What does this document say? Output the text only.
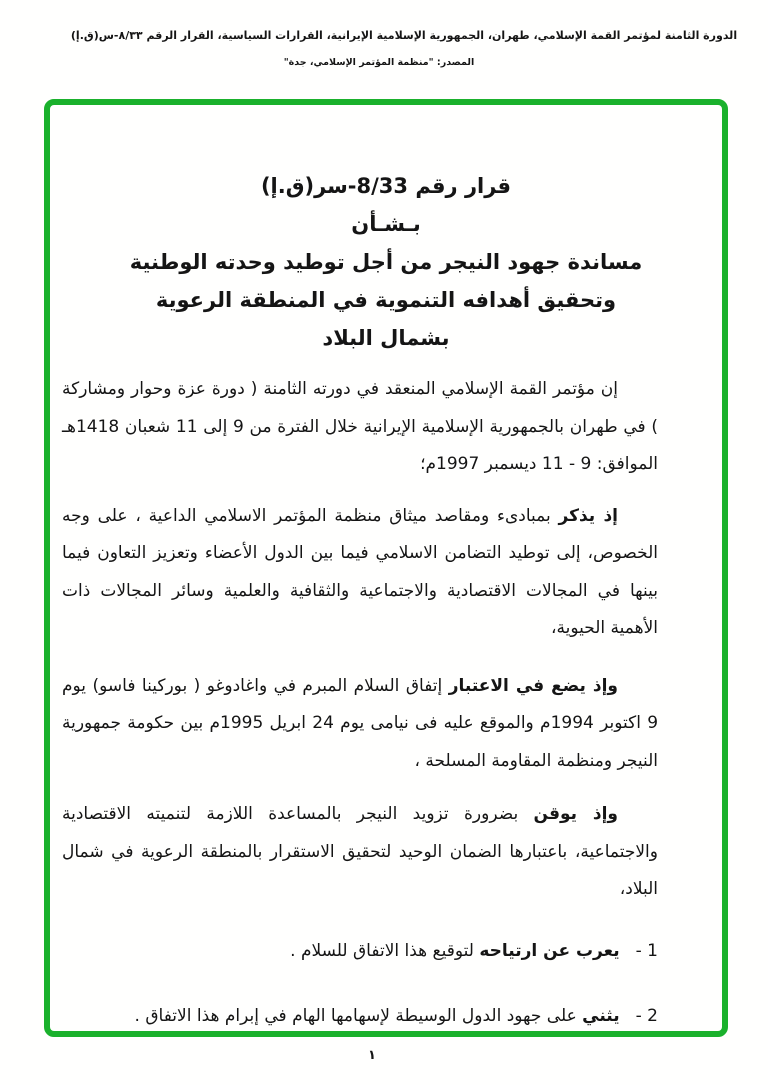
الدورة الثامنة لمؤتمر القمة الإسلامي، طهران، الجمهورية الإسلامية الإيرانية، القرارات السياسية، القرار الرقم ٨/٣٣-س(ق.إ)
المصدر: "منظمة المؤتمر الإسلامي، جدة"
قرار رقم 8/33-سر(ق.إ)
بـشـأن
مساندة جهود النيجر من أجل توطيد وحدته الوطنية
وتحقيق أهدافه التنموية في المنطقة الرعوية
بشمال البلاد

إن مؤتمر القمة الإسلامي المنعقد في دورته الثامنة ( دورة عزة وحوار ومشاركة ) في طهران بالجمهورية الإسلامية الإيرانية خلال الفترة من 9 إلى 11 شعبان 1418هـ الموافق: 9 - 11 ديسمبر 1997م؛

إذ يذكر بمبادىء ومقاصد ميثاق منظمة المؤتمر الاسلامي الداعية ، على وجه الخصوص، إلى توطيد التضامن الاسلامي فيما بين الدول الأعضاء وتعزيز التعاون فيما بينها في المجالات الاقتصادية والاجتماعية والثقافية والعلمية وسائر المجالات ذات الأهمية الحيوية،

وإذ يضع في الاعتبار إتفاق السلام المبرم في واغادوغو ( بوركينا فاسو) يوم 9 اكتوبر 1994م والموقع عليه فى نيامى يوم 24 ابريل 1995م بين حكومة جمهورية النيجر ومنظمة المقاومة المسلحة ،

وإذ يوقن بضرورة تزويد النيجر بالمساعدة اللازمة لتنميته الاقتصادية والاجتماعية، باعتبارها الضمان الوحيد لتحقيق الاستقرار بالمنطقة الرعوية في شمال البلاد،

1 -يعرب عن ارتياحه لتوقيع هذا الاتفاق للسلام .
2 -يثني على جهود الدول الوسيطة لإسهامها الهام في إبرام هذا الاتفاق .
١
